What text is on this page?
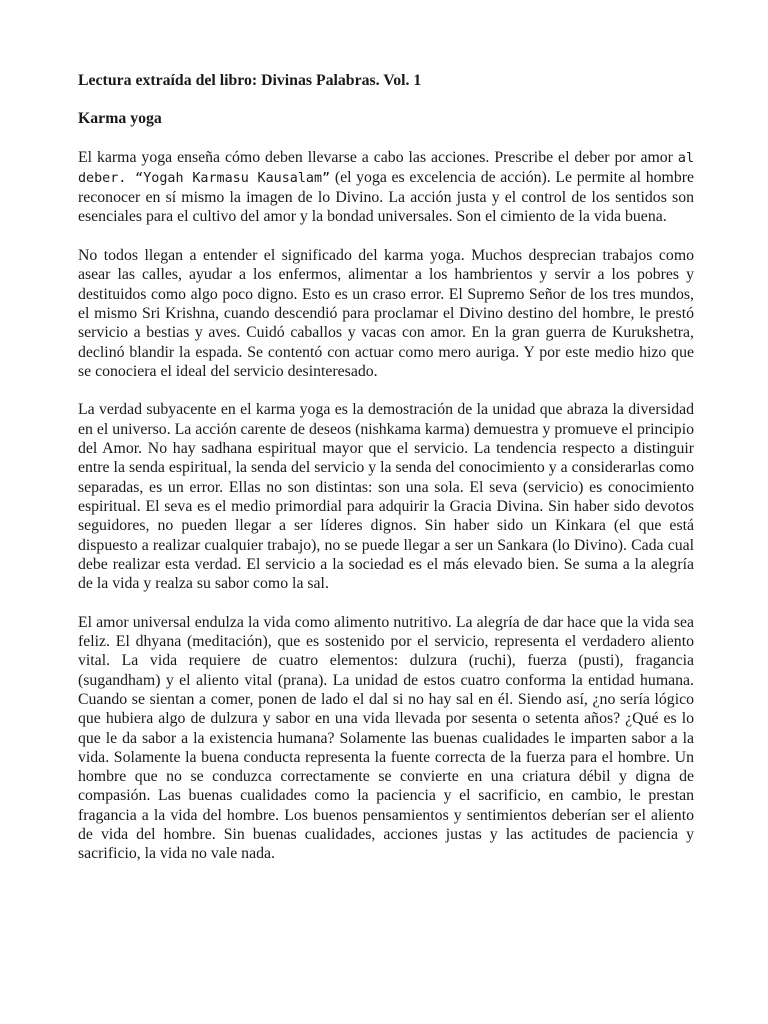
Lectura extraída del libro: Divinas Palabras. Vol. 1
Karma yoga

El karma yoga enseña cómo deben llevarse a cabo las acciones. Prescribe el deber por amor al deber. “Yogah Karmasu Kausalam” (el yoga es excelencia de acción). Le permite al hombre reconocer en sí mismo la imagen de lo Divino. La acción justa y el control de los sentidos son esenciales para el cultivo del amor y la bondad universales. Son el cimiento de la vida buena.

No todos llegan a entender el significado del karma yoga. Muchos desprecian trabajos como asear las calles, ayudar a los enfermos, alimentar a los hambrientos y servir a los pobres y destituidos como algo poco digno. Esto es un craso error. El Supremo Señor de los tres mundos, el mismo Sri Krishna, cuando descendió para proclamar el Divino destino del hombre, le prestó servicio a bestias y aves. Cuidó caballos y vacas con amor. En la gran guerra de Kurukshetra, declinó blandir la espada. Se contentó con actuar como mero auriga. Y por este medio hizo que se conociera el ideal del servicio desinteresado.

La verdad subyacente en el karma yoga es la demostración de la unidad que abraza la diversidad en el universo. La acción carente de deseos (nishkama karma) demuestra y promueve el principio del Amor. No hay sadhana espiritual mayor que el servicio. La tendencia respecto a distinguir entre la senda espiritual, la senda del servicio y la senda del conocimiento y a considerarlas como separadas, es un error. Ellas no son distintas: son una sola. El seva (servicio) es conocimiento espiritual. El seva es el medio primordial para adquirir la Gracia Divina. Sin haber sido devotos seguidores, no pueden llegar a ser líderes dignos. Sin haber sido un Kinkara (el que está dispuesto a realizar cualquier trabajo), no se puede llegar a ser un Sankara (lo Divino). Cada cual debe realizar esta verdad. El servicio a la sociedad es el más elevado bien. Se suma a la alegría de la vida y realza su sabor como la sal.

El amor universal endulza la vida como alimento nutritivo. La alegría de dar hace que la vida sea feliz. El dhyana (meditación), que es sostenido por el servicio, representa el verdadero aliento vital. La vida requiere de cuatro elementos: dulzura (ruchi), fuerza (pusti), fragancia (sugandham) y el aliento vital (prana). La unidad de estos cuatro conforma la entidad humana. Cuando se sientan a comer, ponen de lado el dal si no hay sal en él. Siendo así, ¿no sería lógico que hubiera algo de dulzura y sabor en una vida llevada por sesenta o setenta años? ¿Qué es lo que le da sabor a la existencia humana? Solamente las buenas cualidades le imparten sabor a la vida. Solamente la buena conducta representa la fuente correcta de la fuerza para el hombre. Un hombre que no se conduzca correctamente se convierte en una criatura débil y digna de compasión. Las buenas cualidades como la paciencia y el sacrificio, en cambio, le prestan fragancia a la vida del hombre. Los buenos pensamientos y sentimientos deberían ser el aliento de vida del hombre. Sin buenas cualidades, acciones justas y las actitudes de paciencia y sacrificio, la vida no vale nada.
